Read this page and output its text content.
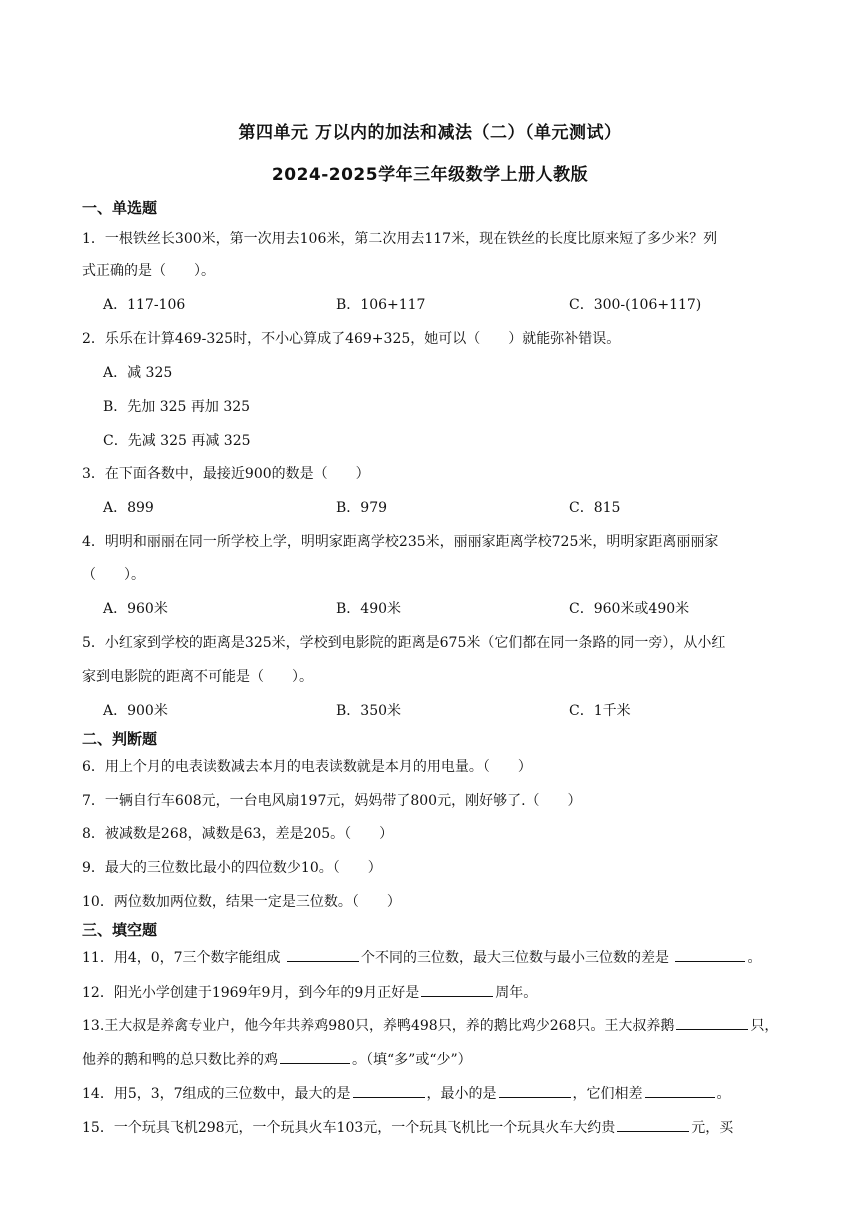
第四单元 万以内的加法和减法（二）（单元测试）
2024-2025学年三年级数学上册人教版
一、单选题
1．一根铁丝长300米，第一次用去106米，第二次用去117米，现在铁丝的长度比原来短了多少米？列
式正确的是（　　）。
A．117-106	B．106+117	C．300-(106+117)
2．乐乐在计算469-325时，不小心算成了469+325，她可以（　　）就能弥补错误。
A．减 325
B．先加 325 再加 325
C．先减 325 再减 325
3．在下面各数中，最接近900的数是（　　）
A．899	B．979	C．815
4．明明和丽丽在同一所学校上学，明明家距离学校235米，丽丽家距离学校725米，明明家距离丽丽家
（　　）。
A．960米	B．490米	C．960米或490米
5．小红家到学校的距离是325米，学校到电影院的距离是675米（它们都在同一条路的同一旁），从小红
家到电影院的距离不可能是（　　）。
A．900米	B．350米	C．1千米
二、判断题
6．用上个月的电表读数减去本月的电表读数就是本月的用电量。（　　）
7．一辆自行车608元，一台电风扇197元，妈妈带了800元，刚好够了.（　　）
8．被减数是268，减数是63，差是205。（　　）
9．最大的三位数比最小的四位数少10。（　　）
10．两位数加两位数，结果一定是三位数。（　　）
三、填空题
11．用4，0，7三个数字能组成	个不同的三位数，最大三位数与最小三位数的差是	。
12．阳光小学创建于1969年9月，到今年的9月正好是	周年。
13.王大叔是养禽专业户，他今年共养鸡980只，养鸭498只，养的鹅比鸡少268只。王大叔养鹅	只，
他养的鹅和鸭的总只数比养的鸡	。（填“多”或“少”）
14．用5，3，7组成的三位数中，最大的是	，最小的是	，它们相差	。
15．一个玩具飞机298元，一个玩具火车103元，一个玩具飞机比一个玩具火车大约贵	元，买
